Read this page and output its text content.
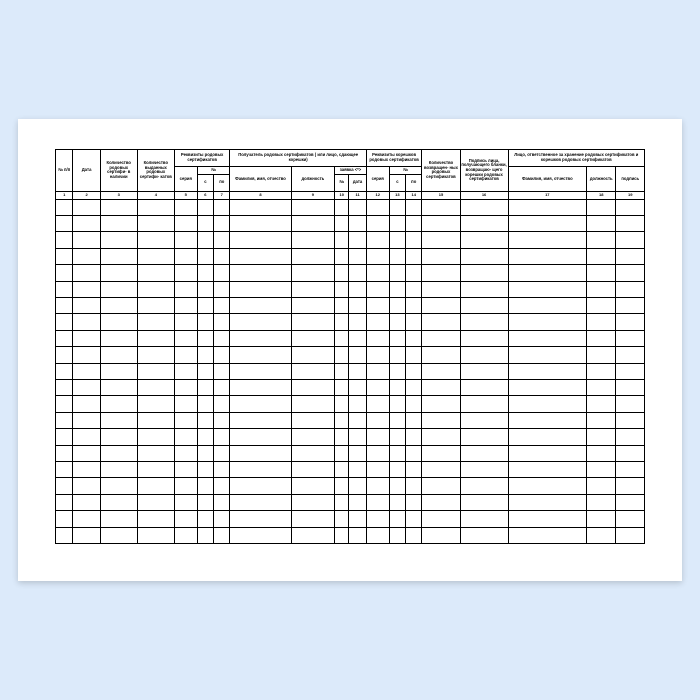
№ п/п	Дата	Количество родовых сертифи- в наличии	Количество выданных родовых сертифи- катов	Реквизиты родовых сертификатов			Получатель родовых сертификатов ( или лицо, сдающее корешки)				Реквизиты корешков родовых сертификатов			Количество возвращен- ных родовых сертификатов	Подпись лица, получающего бланки, возвращаю- щего корешки родовых сертификатов	Лицо, ответственное за хранение родовых сертификатов и корешков родовых сертификатов		
				серия	№		Фамилия, имя, отчество	должность	заявка <*>		серия	№				Фамилия, имя, отчество	должность	подпись
					с	по			№	дата		с	по					
1	2	3	4	5	6	7	8	9	10	11	12	13	14	15	16	17	18	19
